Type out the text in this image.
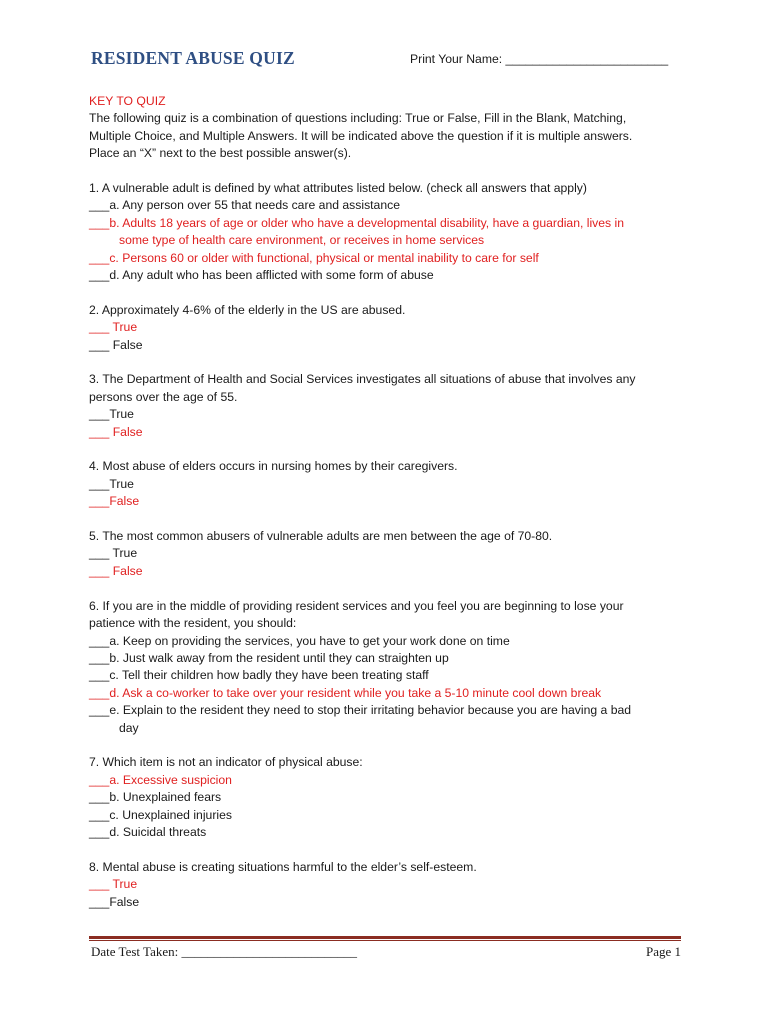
RESIDENT ABUSE QUIZ	Print Your Name: ________________________
KEY TO QUIZ
The following quiz is a combination of questions including: True or False, Fill in the Blank, Matching,
Multiple Choice, and Multiple Answers. It will be indicated above the question if it is multiple answers.
Place an “X” next to the best possible answer(s).
1. A vulnerable adult is defined by what attributes listed below. (check all answers that apply)
___a. Any person over 55 that needs care and assistance
___b. Adults 18 years of age or older who have a developmental disability, have a guardian, lives in
some type of health care environment, or receives in home services
___c. Persons 60 or older with functional, physical or mental inability to care for self
___d. Any adult who has been afflicted with some form of abuse
2. Approximately 4-6% of the elderly in the US are abused.
___ True
___ False
3. The Department of Health and Social Services investigates all situations of abuse that involves any
persons over the age of 55.
___True
___ False
4. Most abuse of elders occurs in nursing homes by their caregivers.
___True
___False
5. The most common abusers of vulnerable adults are men between the age of 70-80.
___ True
___ False
6. If you are in the middle of providing resident services and you feel you are beginning to lose your
patience with the resident, you should:
___a. Keep on providing the services, you have to get your work done on time
___b. Just walk away from the resident until they can straighten up
___c. Tell their children how badly they have been treating staff
___d. Ask a co-worker to take over your resident while you take a 5-10 minute cool down break
___e. Explain to the resident they need to stop their irritating behavior because you are having a bad
day
7. Which item is not an indicator of physical abuse:
___a. Excessive suspicion
___b. Unexplained fears
___c. Unexplained injuries
___d. Suicidal threats
8. Mental abuse is creating situations harmful to the elder’s self-esteem.
___ True
___False
Date Test Taken: ___________________________	Page 1
